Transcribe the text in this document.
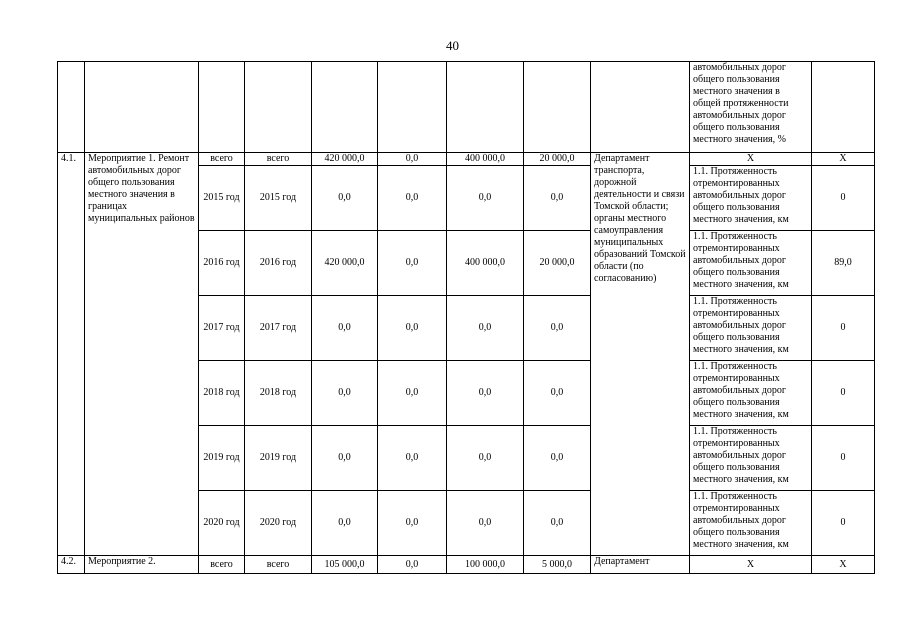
40
									автомобильных дорог общего пользования местного значения в общей протяженности автомобильных дорог общего пользования местного значения, %	
4.1.	Мероприятие 1. Ремонт автомобильных дорог общего пользования местного значения в границах муниципальных районов	всего	всего	420 000,0	0,0	400 000,0	20 000,0	Департамент транспорта, дорожной деятельности и связи Томской области; органы местного самоуправления муниципальных образований Томской области (по согласованию)	X	X
		2015 год	2015 год	0,0	0,0	0,0	0,0		1.1. Протяженность отремонтированных автомобильных дорог общего пользования местного значения, км	0
		2016 год	2016 год	420 000,0	0,0	400 000,0	20 000,0		1.1. Протяженность отремонтированных автомобильных дорог общего пользования местного значения, км	89,0
		2017 год	2017 год	0,0	0,0	0,0	0,0		1.1. Протяженность отремонтированных автомобильных дорог общего пользования местного значения, км	0
		2018 год	2018 год	0,0	0,0	0,0	0,0		1.1. Протяженность отремонтированных автомобильных дорог общего пользования местного значения, км	0
		2019 год	2019 год	0,0	0,0	0,0	0,0		1.1. Протяженность отремонтированных автомобильных дорог общего пользования местного значения, км	0
		2020 год	2020 год	0,0	0,0	0,0	0,0		1.1. Протяженность отремонтированных автомобильных дорог общего пользования местного значения, км	0
4.2.	Мероприятие 2.	всего	всего	105 000,0	0,0	100 000,0	5 000,0	Департамент	X	X
